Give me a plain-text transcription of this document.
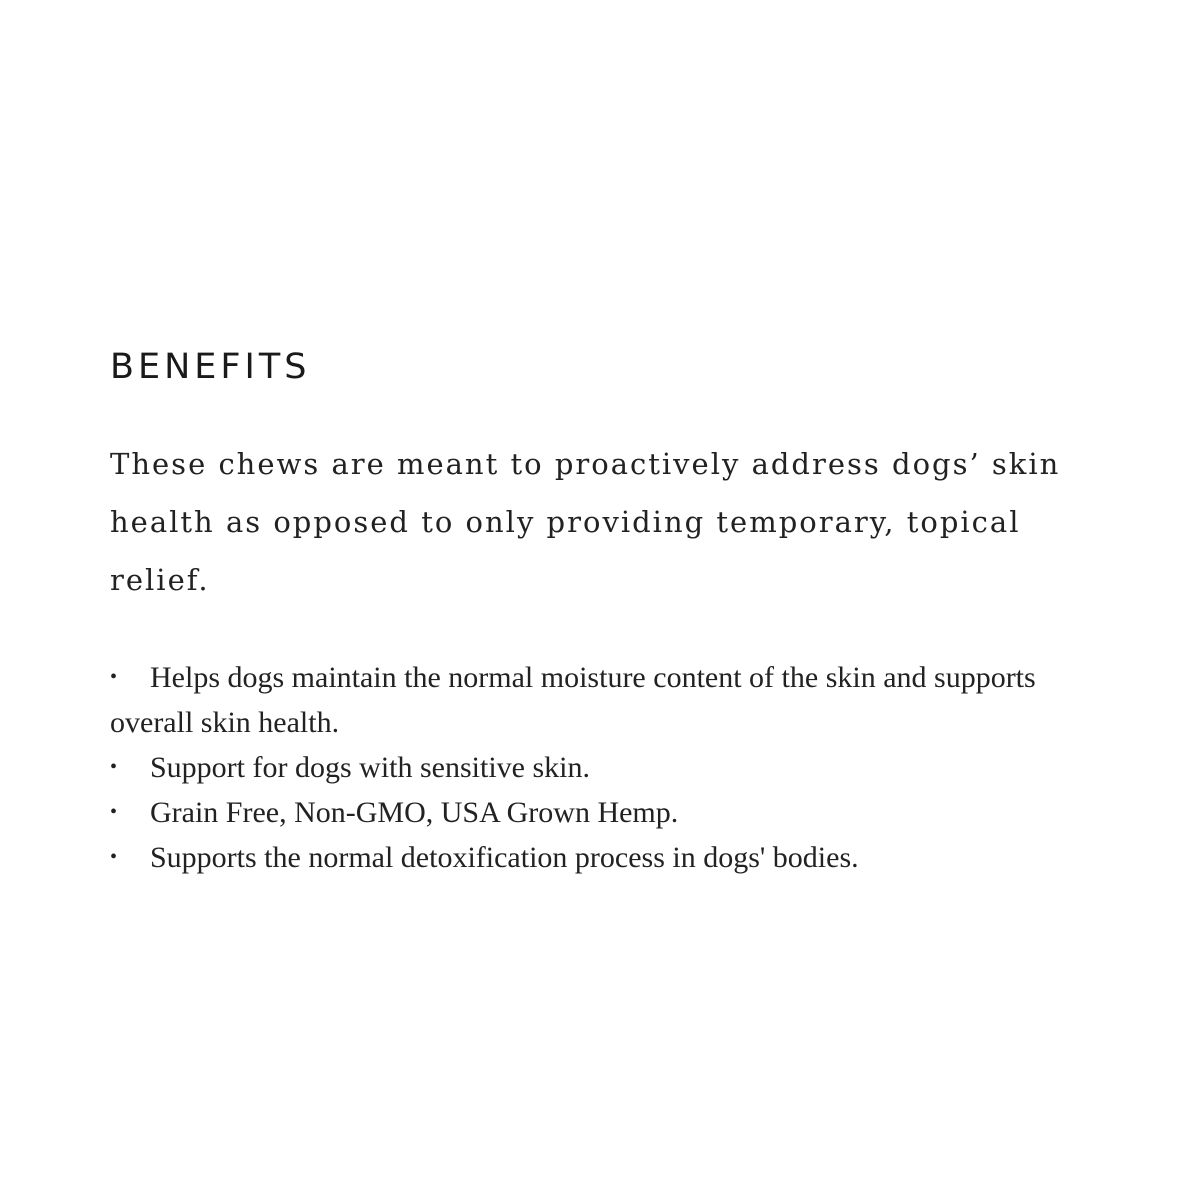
BENEFITS

These chews are meant to proactively address dogs’ skin health as opposed to only providing temporary, topical relief.

• Helps dogs maintain the normal moisture content of the skin and supports overall skin health.
• Support for dogs with sensitive skin.
• Grain Free, Non-GMO, USA Grown Hemp.
• Supports the normal detoxification process in dogs' bodies.
